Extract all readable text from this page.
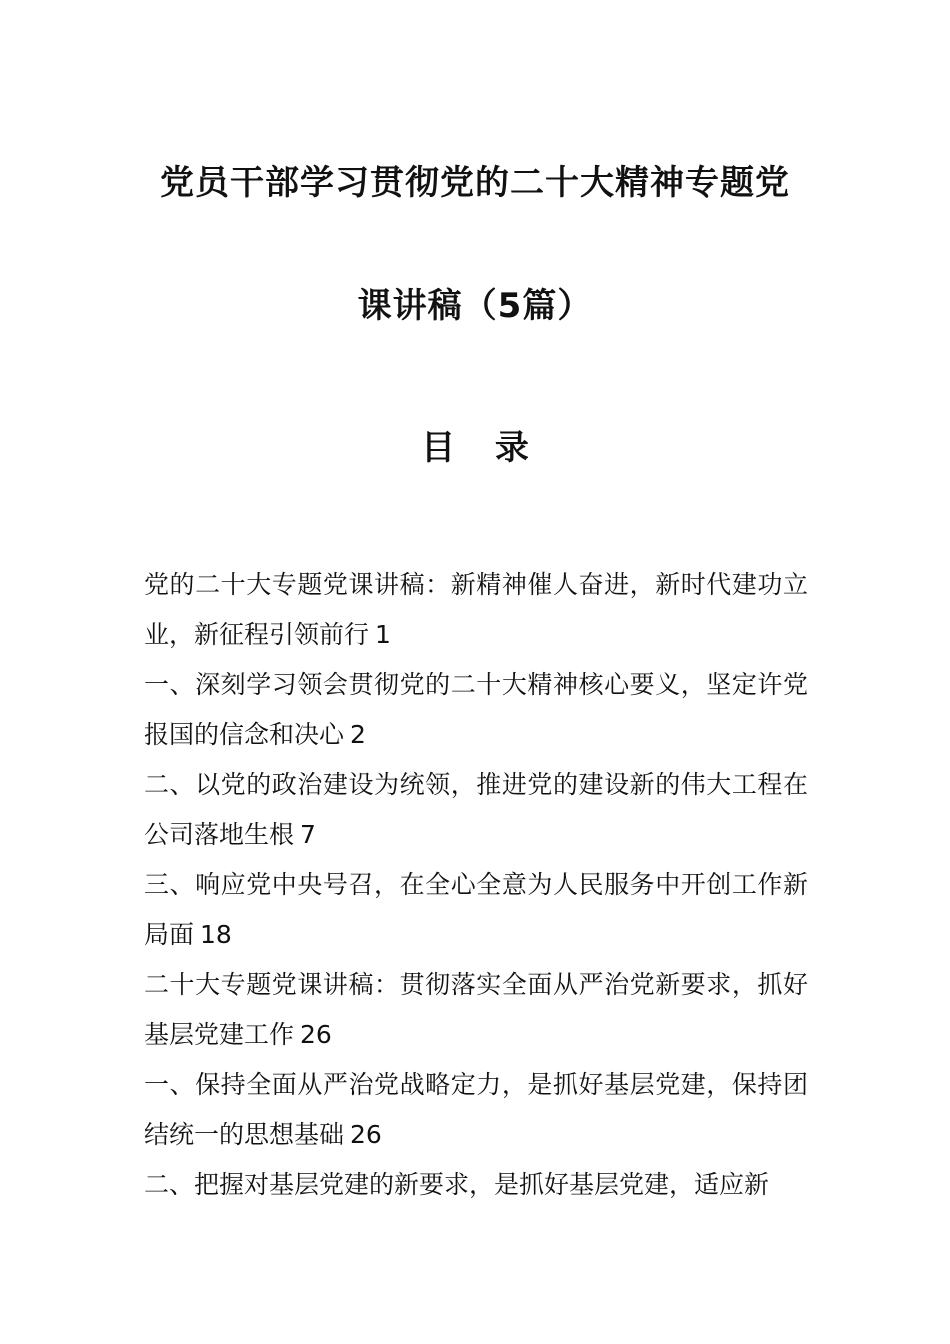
党员干部学习贯彻党的二十大精神专题党
课讲稿（5篇）
目 录
党的二十大专题党课讲稿：新精神催人奋进，新时代建功立业，新征程引领前行 1
一、深刻学习领会贯彻党的二十大精神核心要义，坚定许党报国的信念和决心 2
二、以党的政治建设为统领，推进党的建设新的伟大工程在公司落地生根 7
三、响应党中央号召，在全心全意为人民服务中开创工作新局面 18
二十大专题党课讲稿：贯彻落实全面从严治党新要求，抓好基层党建工作 26
一、保持全面从严治党战略定力，是抓好基层党建，保持团结统一的思想基础 26
二、把握对基层党建的新要求，是抓好基层党建，适应新
